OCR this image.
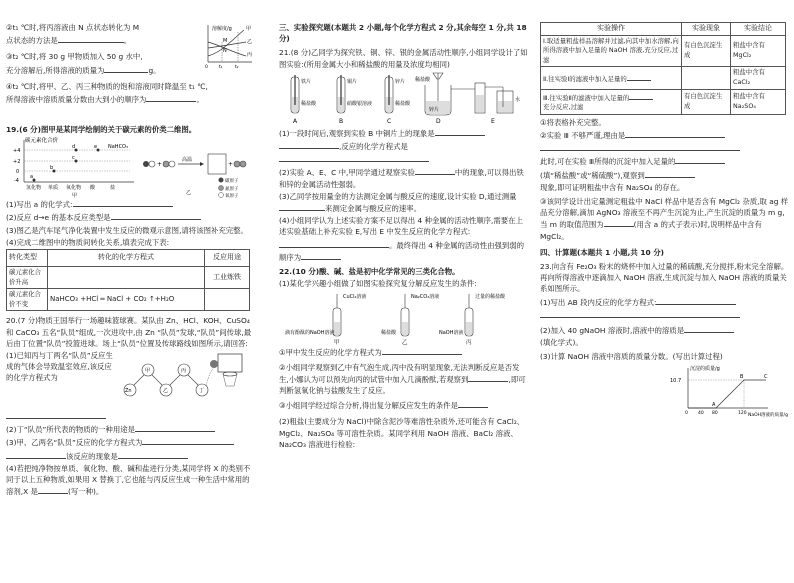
②t₁ ℃时,将丙溶液由 N 点状态转化为 M

点状态的方法是	。

③t₂ ℃时,将 30 g 甲物质加入 50 g 水中,

充分溶解后,所得溶液的质量为	g。

④t₂ ℃时,将甲、乙、丙三种物质的饱和溶液同时降温至 t₁ ℃,

所得溶液中溶质质量分数由大到小的顺序为	。

溶解度/g
M
N
甲
乙
丙
0 t₁	t₂

19.(6 分)图甲是某同学绘制的关于碳元素的价类二维图。

碳元素化合价
+4
+2
0
-4
a
b
c
d	e NaHCO₃
氢化物 单质 氧化物 酸	盐
甲
+
高温
+
碳原子
氮原子
氧原子
乙

(1)写出 a 的化学式:

(2)反应 d→e 的基本反应类型是

(3)图乙是汽车尾气净化装置中发生反应的微观示意图,请将该图补充完整。

(4)完成二维图中的物质间转化关系,填表完成下表:

转化类型	转化的化学方程式	反应用途
碳元素化合价升高		工业炼铁
碳元素化合价不变	NaHCO₃ +HCl ═ NaCl + CO₂ ↑+H₂O	

20.(7 分)物质王国举行一场趣味篮球赛。某队由 Zn、HCl、KOH、CuSO₄ 和 CaCO₃ 五名“队员”组成,一次进攻中,由 Zn “队员”发球,“队员”间传球,最后由丁位置“队员”投篮进球。场上“队员”位置及传球路线如图所示,请回答:

(1)已知丙与丁两名“队员”反应生成的气体会导致温室效应,该反应的化学方程式为

Zn
甲
乙
丙
丁

(2)丁“队员”所代表的物质的一种用途是

(3)甲、乙两名“队员”反应的化学方程式为

该反应的现象是

(4)若把纯净物按单质、氧化物、酸、碱和盐进行分类,某同学将 X 的类别不同于以上五种物质,如果用 X 替换丁,它也能与丙反应生成一种生活中常用的溶剂,X 是	(写一种)。

三、实验探究题(本题共 2 小题,每个化学方程式 2 分,其余每空 1 分,共 18 分)

21.(8 分)乙同学为探究铁、铜、锌、银的金属活动性顺序,小组同学设计了如图实验:(所用金属大小和稀盐酸的用量及浓度均相同)

铁片
稀盐酸
A
铜片
硝酸银溶液
B
锌片
稀盐酸
C
稀盐酸
锌片
D
水
E

(1)一段时间后,观察到实验 B 中铜片上的现象是

,反应的化学方程式是

(2)实验 A、E、C 中,甲同学通过观察实验	中的现象,可以得出铁和锌的金属活动性强弱。

(3)乙同学按用量金的方法测定金属与酸反应的速度,设计实验 D,通过测量来测定金属与酸反应的速率。

(4)小组同学认为上述实验方案不足以得出 4 种金属的活动性顺序,需要在上述实验基础上补充实验 E,写出 E 中发生反应的化学方程式:

。最终得出 4 种金属的活动性由强到弱的顺序为

22.(10 分)酸、碱、盐是初中化学常见的三类化合物。

(1)某化学兴趣小组做了如图实验探究复分解反应发生的条件:

CuCl₂溶液
滴有酚酞的NaOH溶液
甲
Na₂CO₃溶液
稀盐酸
乙
过量的稀盐酸
NaOH溶液
丙

①甲中发生反应的化学方程式为

②小组同学观察到乙中有气泡生成,丙中没有明显现象,无法判断反应是否发生,小娜认为可以预先向丙的试管中加入几滴酚酞,若观察到	,即可判断氢氧化钠与盐酸发生了反应。

③小组同学经过综合分析,得出复分解反应发生的条件是

(2)粗盐(主要成分为 NaCl)中除含泥沙等难溶性杂质外,还可能含有 CaCl₂、MgCl₂、Na₂SO₄ 等可溶性杂质。某同学利用 NaOH 溶液、BaCl₂ 溶液、Na₂CO₃ 溶液进行检验:

实验操作	实验现象	实验结论
Ⅰ.取适量粗盐样品溶解并过滤,向其中加水溶解,向所得溶液中加入足量的 NaOH 溶液,充分反应,过滤	有白色沉淀生成	粗盐中含有 MgCl₂
Ⅱ.往实验Ⅰ的滤液中加入足量的		粗盐中含有 CaCl₂
Ⅲ.往实验Ⅱ的滤液中加入足量的
充分反应,过滤	有白色沉淀生成	粗盐中含有 Na₂SO₄

①将表格补充完整。

②实验 Ⅲ 不够严谨,理由是

此时,可在实验 Ⅲ所得的沉淀中加入足量的

(填“稀盐酸”或“稀硫酸”),观察到

现象,即可证明粗盐中含有 Na₂SO₄ 的存在。

③该同学设计出定量测定粗盐中 NaCl 样品中是否含有 MgCl₂ 杂质,取 ag 样品充分溶解,滴加 AgNO₃ 溶液至不再产生沉淀为止,产生沉淀的质量为 m g,当 m 的取值范围为	(用含 a 的式子表示)时,说明样品中含有 MgCl₂。

四、计算题(本题共 1 小题,共 10 分)

23.向含有 Fe₂O₃ 粉末的烧杯中加入过量的稀硫酸,充分搅拌,粉末完全溶解。再向所得溶液中逐滴加入 NaOH 溶液,生成沉淀与加入 NaOH 溶液的质量关系如图所示。

(1)写出 AB 段内反应的化学方程式:

(2)加入 40 gNaOH 溶液时,溶液中的溶质是

(填化学式)。

(3)计算 NaOH 溶液中溶质的质量分数。(写出计算过程)

沉淀的质量/g
10.7
A
B	C
0 40 80	120 NaOH溶液的质量/g
